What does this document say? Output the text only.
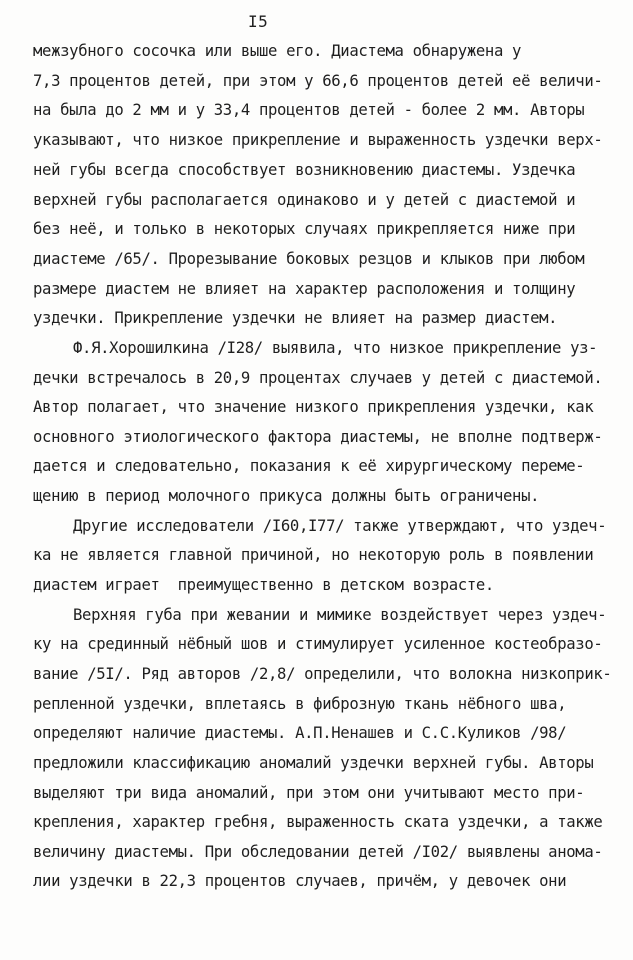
I5
межзубного сосочка или выше его. Диастема обнаружена у
7,3 процентов детей, при этом у 66,6 процентов детей её величи-
на была до 2 мм и у 33,4 процентов детей - более 2 мм. Авторы
указывают, что низкое прикрепление и выраженность уздечки верх-
ней губы всегда способствует возникновению диастемы. Уздечка
верхней губы располагается одинаково и у детей с диастемой и
без неё, и только в некоторых случаях прикрепляется ниже при
диастеме /65/. Прорезывание боковых резцов и клыков при любом
размере диастем не влияет на характер расположения и толщину
уздечки. Прикрепление уздечки не влияет на размер диастем.
Ф.Я.Хорошилкина /I28/ выявила, что низкое прикрепление уз-
дечки встречалось в 20,9 процентах случаев у детей с диастемой.
Автор полагает, что значение низкого прикрепления уздечки, как
основного этиологического фактора диастемы, не вполне подтверж-
дается и следовательно, показания к её хирургическому переме-
щению в период молочного прикуса должны быть ограничены.
Другие исследователи /I60,I77/ также утверждают, что уздеч-
ка не является главной причиной, но некоторую роль в появлении
диастем играет  преимущественно в детском возрасте.
Верхняя губа при жевании и мимике воздействует через уздеч-
ку на срединный нёбный шов и стимулирует усиленное костеобразо-
вание /5I/. Ряд авторов /2,8/ определили, что волокна низкоприк-
репленной уздечки, вплетаясь в фиброзную ткань нёбного шва,
определяют наличие диастемы. А.П.Ненашев и С.С.Куликов /98/
предложили классификацию аномалий уздечки верхней губы. Авторы
выделяют три вида аномалий, при этом они учитывают место при-
крепления, характер гребня, выраженность ската уздечки, а также
величину диастемы. При обследовании детей /I02/ выявлены анома-
лии уздечки в 22,3 процентов случаев, причём, у девочек они
